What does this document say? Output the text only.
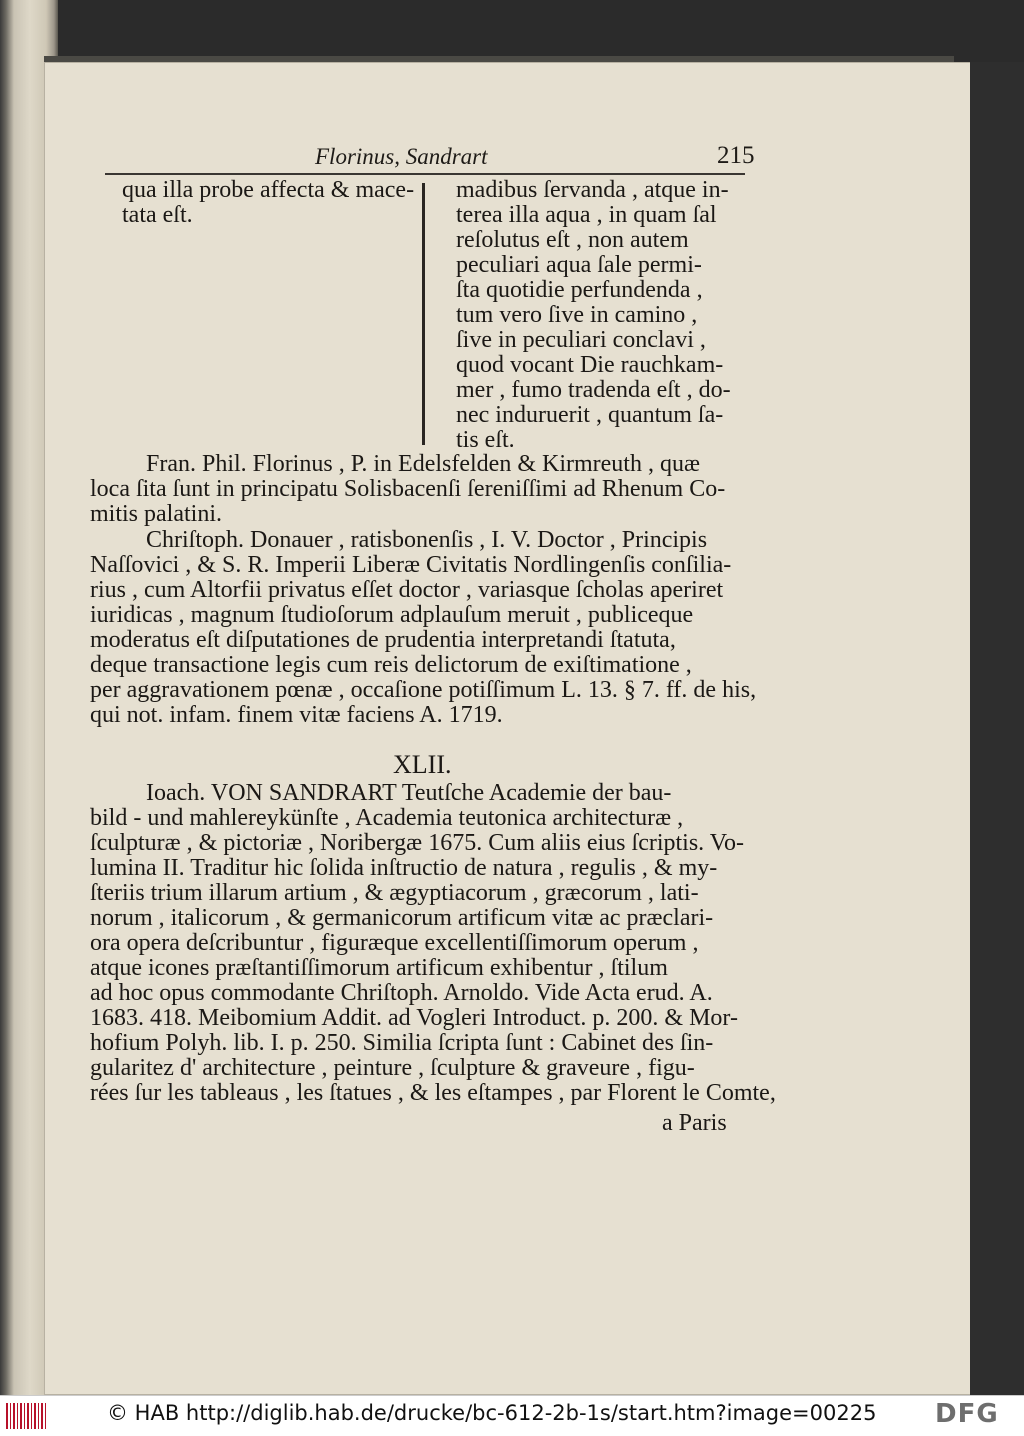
Florinus, Sandrart	215
qua illa probe affecta & mace-
tata eſt.
madibus ſervanda , atque in-
terea illa aqua , in quam ſal
reſolutus eſt , non autem
peculiari aqua ſale permi-
ſta quotidie perfundenda ,
tum vero ſive in camino ,
ſive in peculiari conclavi ,
quod vocant Die rauchkam-
mer , fumo tradenda eſt , do-
nec induruerit , quantum ſa-
tis eſt.
Fran. Phil. Florinus , P. in Edelsfelden & Kirmreuth , quæ
loca ſita ſunt in principatu Solisbacenſi ſereniſſimi ad Rhenum Co-
mitis palatini.
Chriſtoph. Donauer , ratisbonenſis , I. V. Doctor , Principis
Naſſovici , & S. R. Imperii Liberæ Civitatis Nordlingenſis conſilia-
rius , cum Altorfii privatus eſſet doctor , variasque ſcholas aperiret
iuridicas , magnum ſtudioſorum adplauſum meruit , publiceque
moderatus eſt diſputationes de prudentia interpretandi ſtatuta,
deque transactione legis cum reis delictorum de exiſtimatione ,
per aggravationem pœnæ , occaſione potiſſimum L. 13. § 7. ff. de his,
qui not. infam. finem vitæ faciens A. 1719.
XLII.
Ioach. VON SANDRART Teutſche Academie der bau-
bild - und mahlereykünſte , Academia teutonica architecturæ ,
ſculpturæ , & pictoriæ , Noribergæ 1675. Cum aliis eius ſcriptis. Vo-
lumina II. Traditur hic ſolida inſtructio de natura , regulis , & my-
ſteriis trium illarum artium , & ægyptiacorum , græcorum , lati-
norum , italicorum , & germanicorum artificum vitæ ac præclari-
ora opera deſcribuntur , figuræque excellentiſſimorum operum ,
atque icones præſtantiſſimorum artificum exhibentur , ſtilum
ad hoc opus commodante Chriſtoph. Arnoldo. Vide Acta erud. A.
1683. 418. Meibomium Addit. ad Vogleri Introduct. p. 200. & Mor-
hofium Polyh. lib. I. p. 250. Similia ſcripta ſunt : Cabinet des ſin-
gularitez d' architecture , peinture , ſculpture & graveure , figu-
rées ſur les tableaus , les ſtatues , & les eſtampes , par Florent le Comte,
a Paris
© HAB http://diglib.hab.de/drucke/bc-612-2b-1s/start.htm?image=00225 DFG
